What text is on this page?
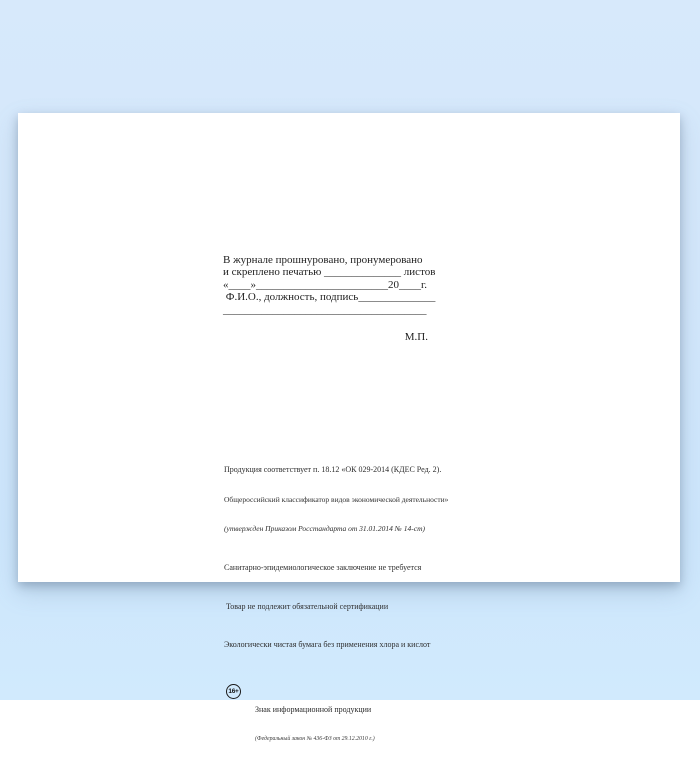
В журнале прошнуровано, пронумеровано
и скреплено печатью ______________ листов
«____»________________________20____г.
Ф.И.О., должность, подпись______________
_____________________________________
М.П.

Продукция соответствует п. 18.12 «ОК 029-2014 (КДЕС Ред. 2).

Общероссийский классификатор видов экономической деятельности»

(утвержден Приказом Росстандарта от 31.01.2014 № 14-ст)

Санитарно-эпидемиологическое заключение не требуется

Товар не подлежит обязательной сертификации

Экологически чистая бумага без применения хлора и кислот

16+

Знак информационной продукции

(Федеральный закон № 436-ФЗ от 29.12.2010 г.)
